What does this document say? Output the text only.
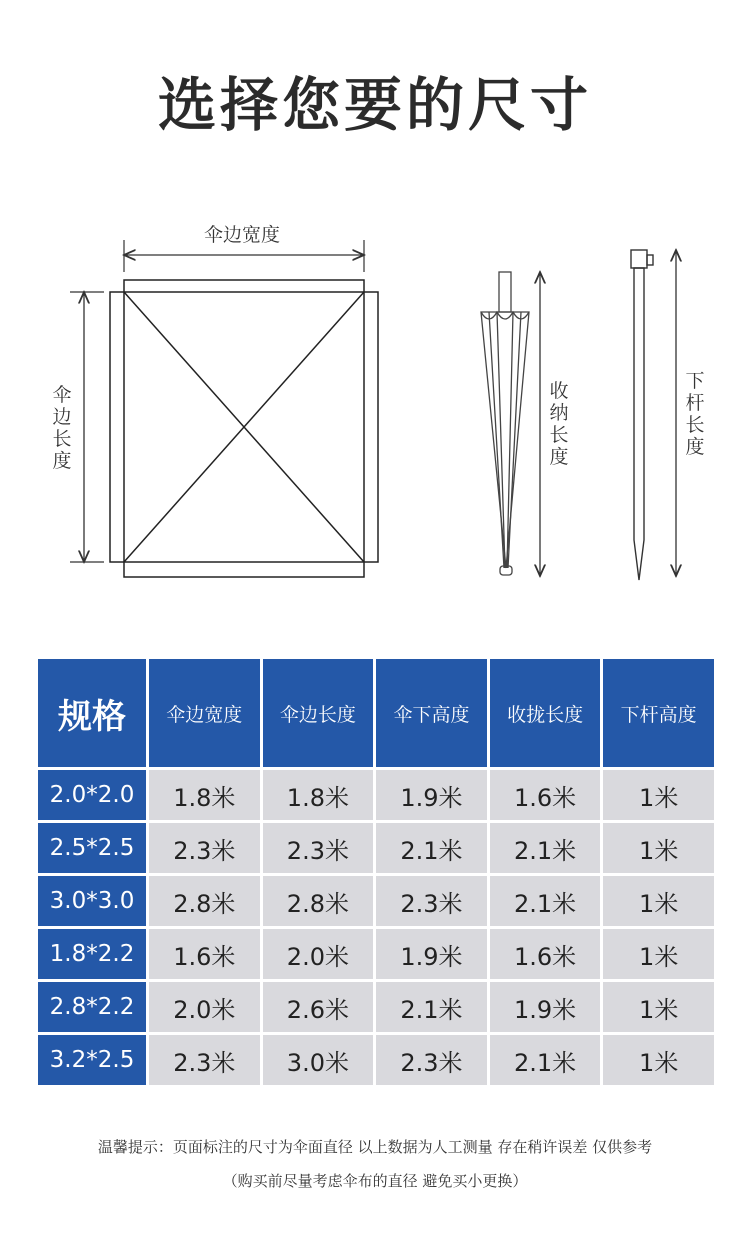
选择您要的尺寸
伞边宽度
伞边长度
收纳长度
下杆长度
规格	伞边宽度	伞边长度	伞下高度	收拢长度	下杆高度
2.0*2.0	1.8米	1.8米	1.9米	1.6米	1米
2.5*2.5	2.3米	2.3米	2.1米	2.1米	1米
3.0*3.0	2.8米	2.8米	2.3米	2.1米	1米
1.8*2.2	1.6米	2.0米	1.9米	1.6米	1米
2.8*2.2	2.0米	2.6米	2.1米	1.9米	1米
3.2*2.5	2.3米	3.0米	2.3米	2.1米	1米
温馨提示：页面标注的尺寸为伞面直径 以上数据为人工测量 存在稍许误差 仅供参考
（购买前尽量考虑伞布的直径 避免买小更换）
